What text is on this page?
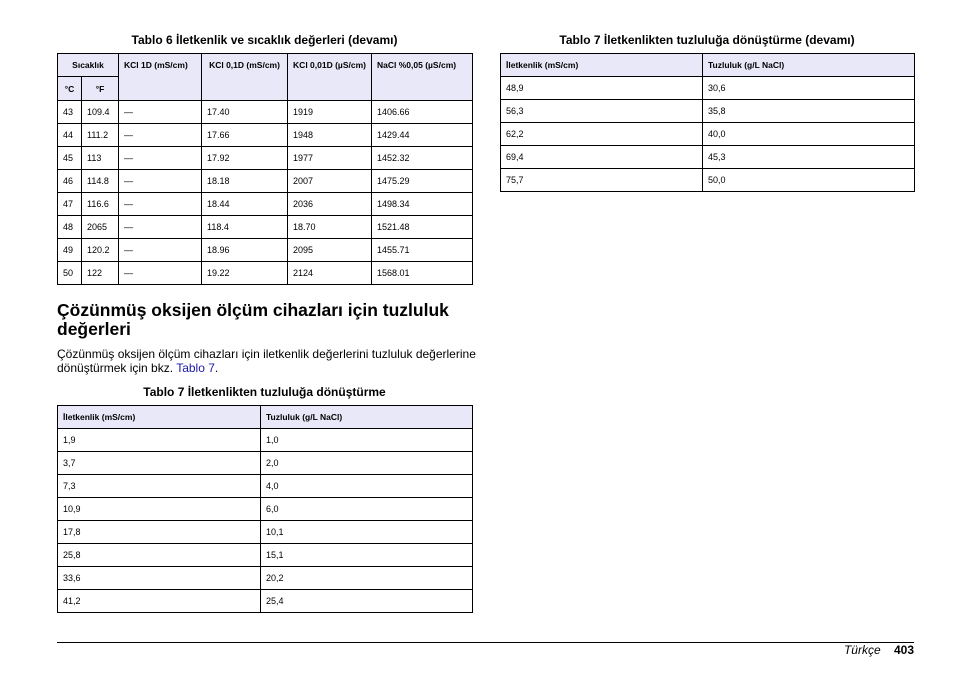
Tablo 6 İletkenlik ve sıcaklık değerleri (devamı)
Sıcaklık		KCl 1D (mS/cm)	KCl 0,1D (mS/cm)	KCl 0,01D (µS/cm)	NaCl %0,05 (µS/cm)
°C	°F				
43	109.4	—	17.40	1919	1406.66
44	111.2	—	17.66	1948	1429.44
45	113	—	17.92	1977	1452.32
46	114.8	—	18.18	2007	1475.29
47	116.6	—	18.44	2036	1498.34
48	2065	—	118.4	18.70	1521.48
49	120.2	—	18.96	2095	1455.71
50	122	—	19.22	2124	1568.01
Çözünmüş oksijen ölçüm cihazları için tuzluluk değerleri
Çözünmüş oksijen ölçüm cihazları için iletkenlik değerlerini tuzluluk değerlerine dönüştürmek için bkz. Tablo 7.
Tablo 7 İletkenlikten tuzluluğa dönüştürme
İletkenlik (mS/cm)	Tuzluluk (g/L NaCl)
1,9	1,0
3,7	2,0
7,3	4,0
10,9	6,0
17,8	10,1
25,8	15,1
33,6	20,2
41,2	25,4
Tablo 7 İletkenlikten tuzluluğa dönüştürme (devamı)
İletkenlik (mS/cm)	Tuzluluk (g/L NaCl)
48,9	30,6
56,3	35,8
62,2	40,0
69,4	45,3
75,7	50,0
Türkçe 403
